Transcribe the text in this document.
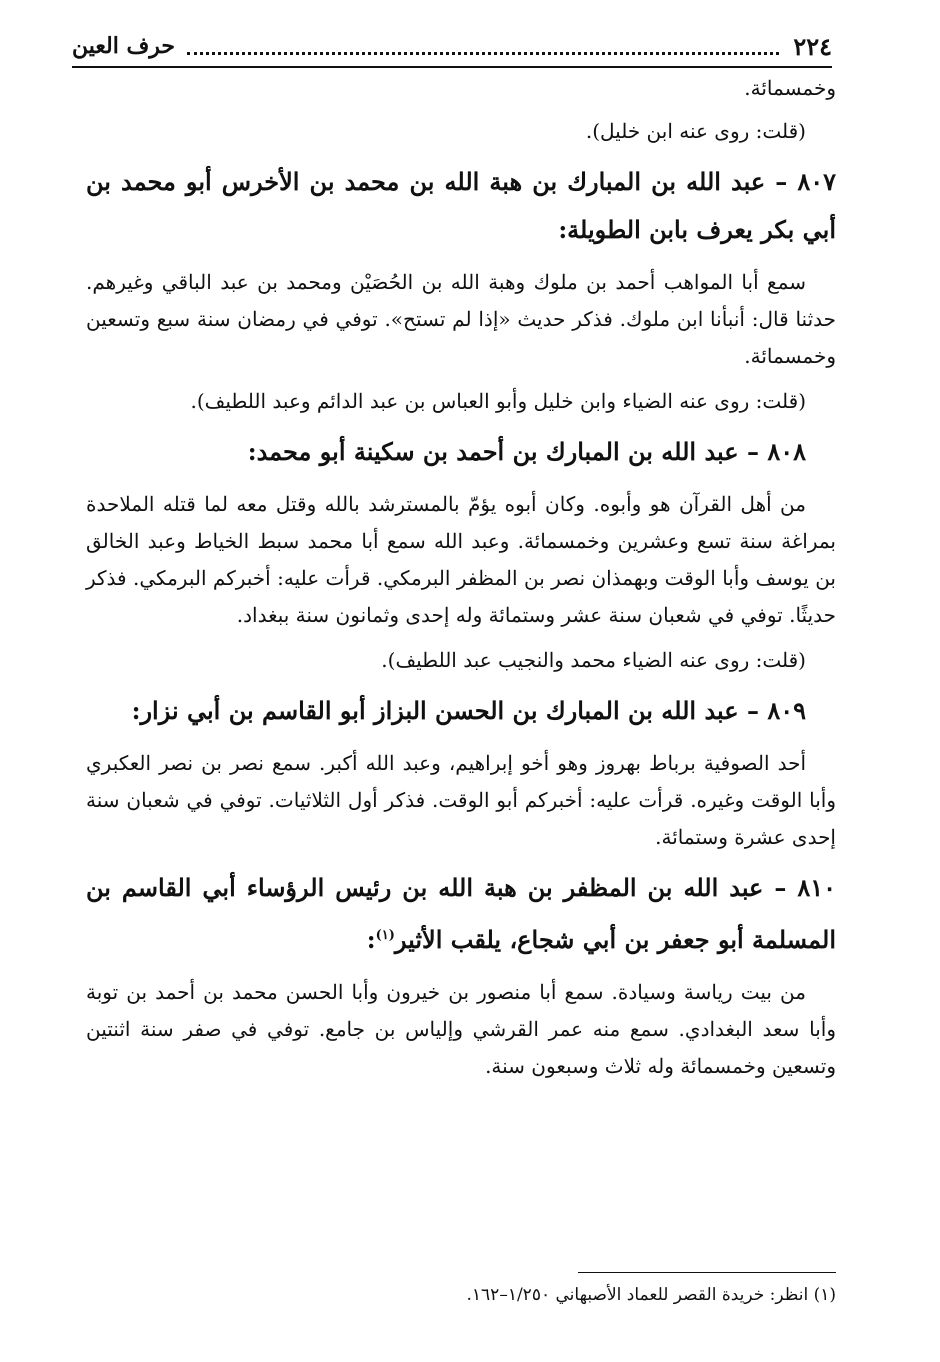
٢٢٤
حرف العين

وخمسمائة.

(قلت: روى عنه ابن خليل).

٨٠٧ – عبد الله بن المبارك بن هبة الله بن محمد بن الأخرس أبو محمد بن أبي بكر يعرف بابن الطويلة:

سمع أبا المواهب أحمد بن ملوك وهبة الله بن الحُصَيْن ومحمد بن عبد الباقي وغيرهم. حدثنا قال: أنبأنا ابن ملوك. فذكر حديث «إذا لم تستح». توفي في رمضان سنة سبع وتسعين وخمسمائة.

(قلت: روى عنه الضياء وابن خليل وأبو العباس بن عبد الدائم وعبد اللطيف).

٨٠٨ – عبد الله بن المبارك بن أحمد بن سكينة أبو محمد:

من أهل القرآن هو وأبوه. وكان أبوه يؤمّ بالمسترشد بالله وقتل معه لما قتله الملاحدة بمراغة سنة تسع وعشرين وخمسمائة. وعبد الله سمع أبا محمد سبط الخياط وعبد الخالق بن يوسف وأبا الوقت وبهمذان نصر بن المظفر البرمكي. قرأت عليه: أخبركم البرمكي. فذكر حديثًا. توفي في شعبان سنة عشر وستمائة وله إحدى وثمانون سنة ببغداد.

(قلت: روى عنه الضياء محمد والنجيب عبد اللطيف).

٨٠٩ – عبد الله بن المبارك بن الحسن البزاز أبو القاسم بن أبي نزار:

أحد الصوفية برباط بهروز وهو أخو إبراهيم، وعبد الله أكبر. سمع نصر بن نصر العكبري وأبا الوقت وغيره. قرأت عليه: أخبركم أبو الوقت. فذكر أول الثلاثيات. توفي في شعبان سنة إحدى عشرة وستمائة.

٨١٠ – عبد الله بن المظفر بن هبة الله بن رئيس الرؤساء أبي القاسم بن المسلمة أبو جعفر بن أبي شجاع، يلقب الأثير$^{(١)}$:

من بيت رياسة وسيادة. سمع أبا منصور بن خيرون وأبا الحسن محمد بن أحمد بن توبة وأبا سعد البغدادي. سمع منه عمر القرشي وإلياس بن جامع. توفي في صفر سنة اثنتين وتسعين وخمسمائة وله ثلاث وسبعون سنة.

(١) انظر: خريدة القصر للعماد الأصبهاني ١/٢٥٠–١٦٢.
